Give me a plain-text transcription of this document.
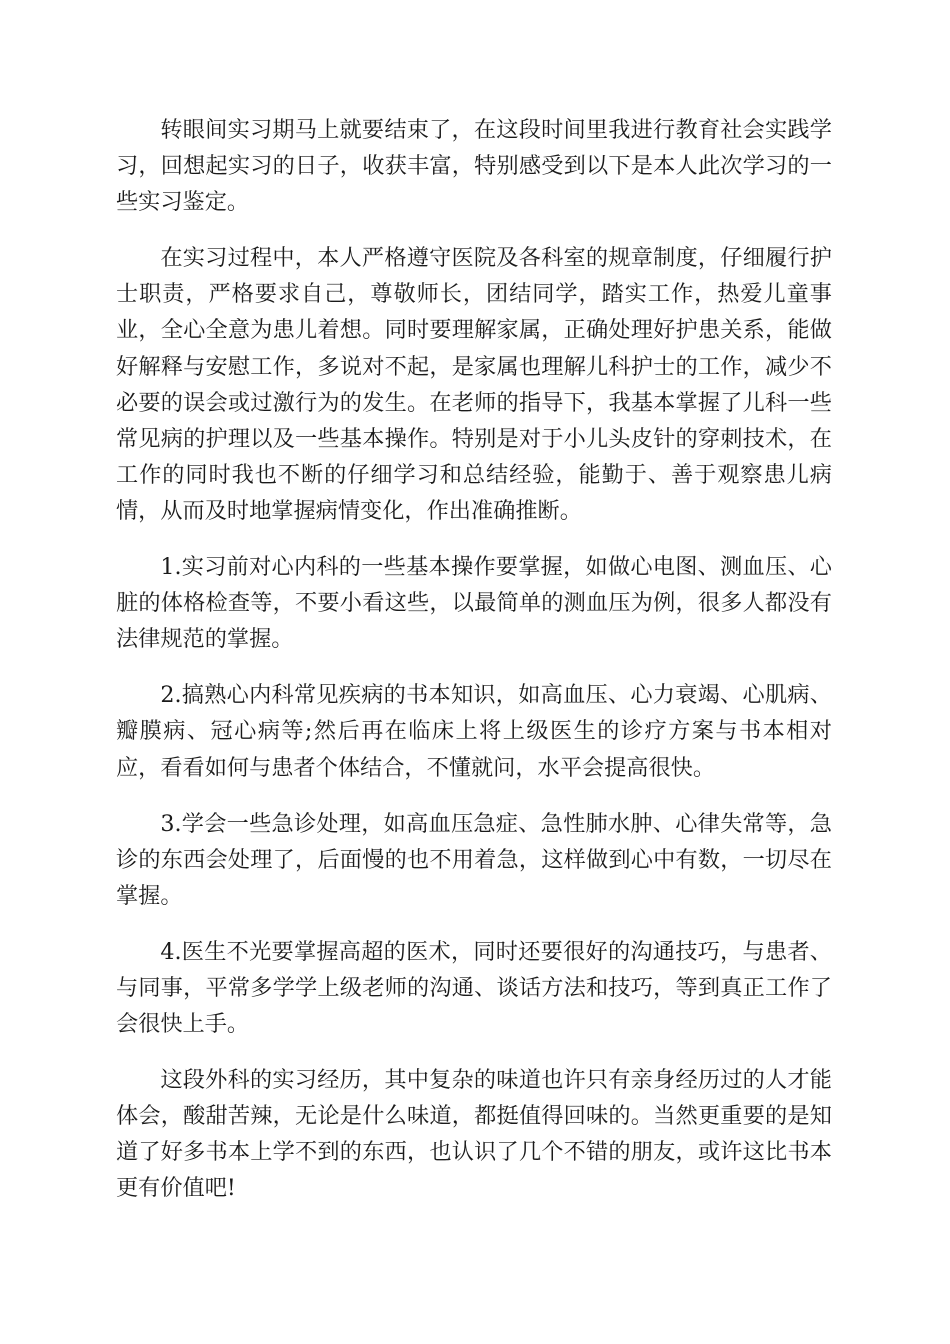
转眼间实习期马上就要结束了，在这段时间里我进行教育社会实践学习，回想起实习的日子，收获丰富，特别感受到以下是本人此次学习的一些实习鉴定。

在实习过程中，本人严格遵守医院及各科室的规章制度，仔细履行护士职责，严格要求自己，尊敬师长，团结同学，踏实工作，热爱儿童事业，全心全意为患儿着想。同时要理解家属，正确处理好护患关系，能做好解释与安慰工作，多说对不起，是家属也理解儿科护士的工作，减少不必要的误会或过激行为的发生。在老师的指导下，我基本掌握了儿科一些常见病的护理以及一些基本操作。特别是对于小儿头皮针的穿刺技术，在工作的同时我也不断的仔细学习和总结经验，能勤于、善于观察患儿病情，从而及时地掌握病情变化，作出准确推断。

1.实习前对心内科的一些基本操作要掌握，如做心电图、测血压、心脏的体格检查等，不要小看这些，以最简单的测血压为例，很多人都没有法律规范的掌握。

2.搞熟心内科常见疾病的书本知识，如高血压、心力衰竭、心肌病、瓣膜病、冠心病等;然后再在临床上将上级医生的诊疗方案与书本相对应，看看如何与患者个体结合，不懂就问，水平会提高很快。

3.学会一些急诊处理，如高血压急症、急性肺水肿、心律失常等，急诊的东西会处理了，后面慢的也不用着急，这样做到心中有数，一切尽在掌握。

4.医生不光要掌握高超的医术，同时还要很好的沟通技巧，与患者、与同事，平常多学学上级老师的沟通、谈话方法和技巧，等到真正工作了会很快上手。

这段外科的实习经历，其中复杂的味道也许只有亲身经历过的人才能体会，酸甜苦辣，无论是什么味道，都挺值得回味的。当然更重要的是知道了好多书本上学不到的东西，也认识了几个不错的朋友，或许这比书本更有价值吧!
